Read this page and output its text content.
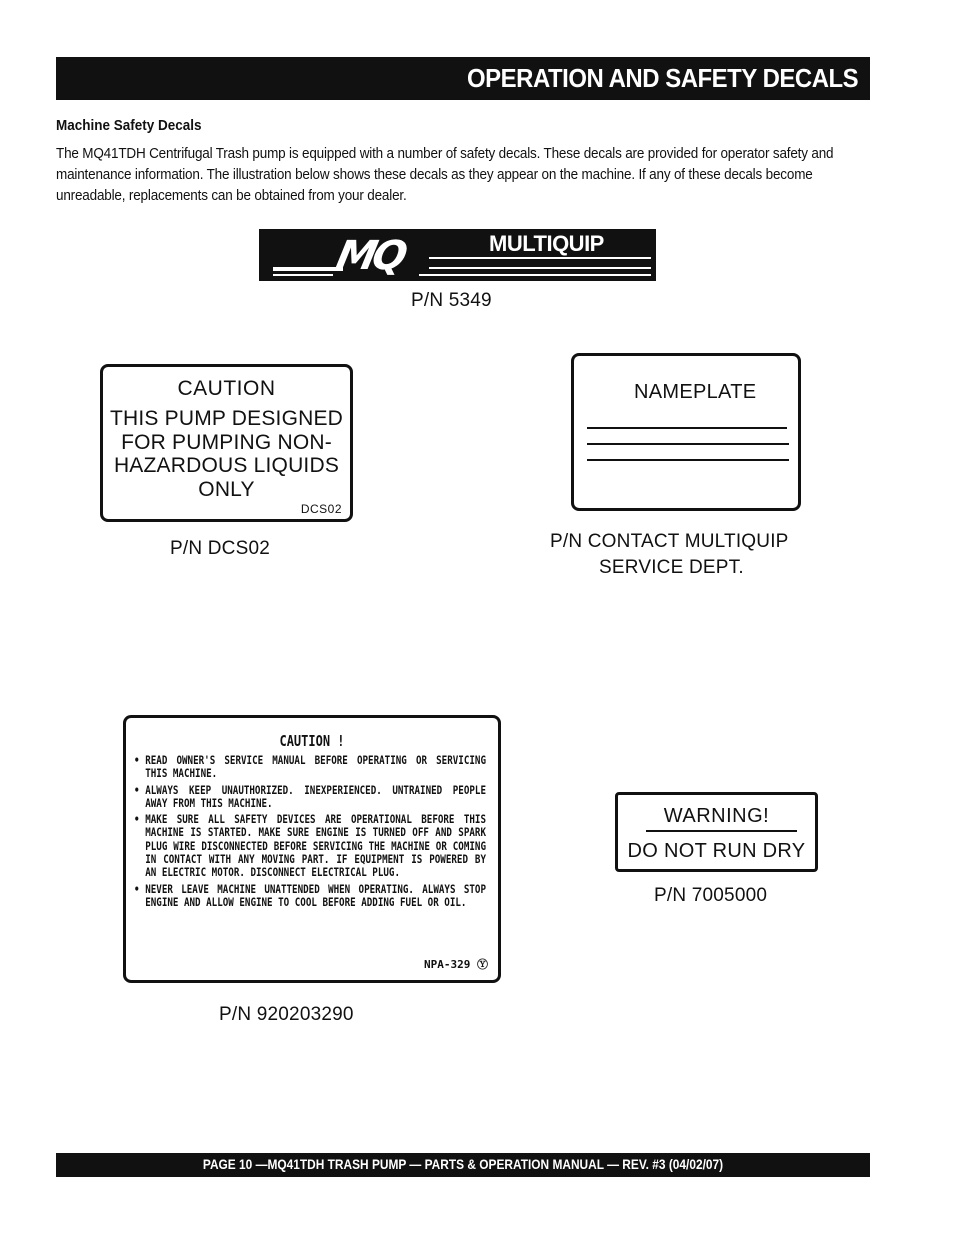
OPERATION AND SAFETY DECALS
Machine Safety Decals
The MQ41TDH Centrifugal Trash pump is equipped with a number of safety decals. These decals are provided for operator safety and maintenance information. The illustration below shows these decals as they appear on the machine. If any of these decals become unreadable, replacements can be obtained from your dealer.
MQ	MULTIQUIP
P/N 5349
CAUTION
THIS PUMP DESIGNED
FOR PUMPING NON-
HAZARDOUS LIQUIDS
ONLY
DCS02
P/N DCS02
NAMEPLATE
P/N CONTACT MULTIQUIP
SERVICE DEPT.
CAUTION !
• READ OWNER'S SERVICE MANUAL BEFORE OPERATING OR SERVICING THIS MACHINE.
• ALWAYS KEEP UNAUTHORIZED. INEXPERIENCED. UNTRAINED PEOPLE AWAY FROM THIS MACHINE.
• MAKE SURE ALL SAFETY DEVICES ARE OPERATIONAL BEFORE THIS MACHINE IS STARTED. MAKE SURE ENGINE IS TURNED OFF AND SPARK PLUG WIRE DISCONNECTED BEFORE SERVICING THE MACHINE OR COMING IN CONTACT WITH ANY MOVING PART. IF EQUIPMENT IS POWERED BY AN ELECTRIC MOTOR. DISCONNECT ELECTRICAL PLUG.
• NEVER LEAVE MACHINE UNATTENDED WHEN OPERATING. ALWAYS STOP ENGINE AND ALLOW ENGINE TO COOL BEFORE ADDING FUEL OR OIL.
NPA-329 Ⓨ
P/N 920203290
WARNING!
DO NOT RUN DRY
P/N 7005000
PAGE 10 —MQ41TDH TRASH PUMP — PARTS & OPERATION MANUAL — REV. #3 (04/02/07)
